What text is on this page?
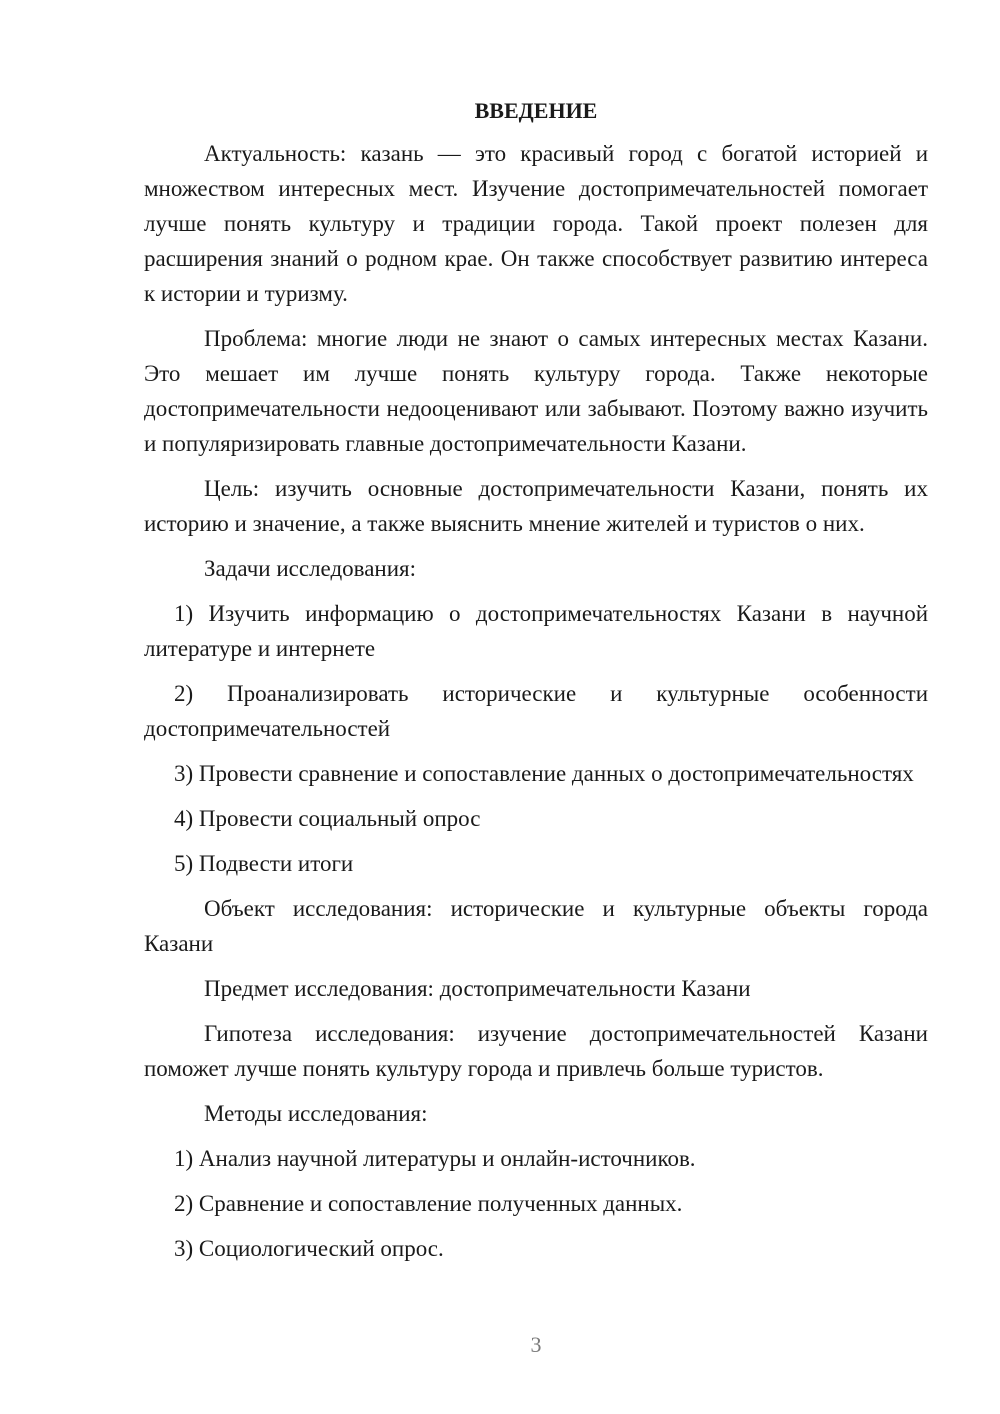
ВВЕДЕНИЕ
Актуальность: казань — это красивый город с богатой историей и множеством интересных мест. Изучение достопримечательностей помогает лучше понять культуру и традиции города. Такой проект полезен для расширения знаний о родном крае. Он также способствует развитию интереса к истории и туризму.
Проблема: многие люди не знают о самых интересных местах Казани. Это мешает им лучше понять культуру города. Также некоторые достопримечательности недооценивают или забывают. Поэтому важно изучить и популяризировать главные достопримечательности Казани.
Цель: изучить основные достопримечательности Казани, понять их историю и значение, а также выяснить мнение жителей и туристов о них.
Задачи исследования:
1) Изучить информацию о достопримечательностях Казани в научной литературе и интернете
2) Проанализировать исторические и культурные особенности достопримечательностей
3) Провести сравнение и сопоставление данных о достопримечательностях
4) Провести социальный опрос
5) Подвести итоги
Объект исследования: исторические и культурные объекты города Казани
Предмет исследования: достопримечательности Казани
Гипотеза исследования: изучение достопримечательностей Казани поможет лучше понять культуру города и привлечь больше туристов.
Методы исследования:
1) Анализ научной литературы и онлайн-источников.
2) Сравнение и сопоставление полученных данных.
3) Социологический опрос.
3
